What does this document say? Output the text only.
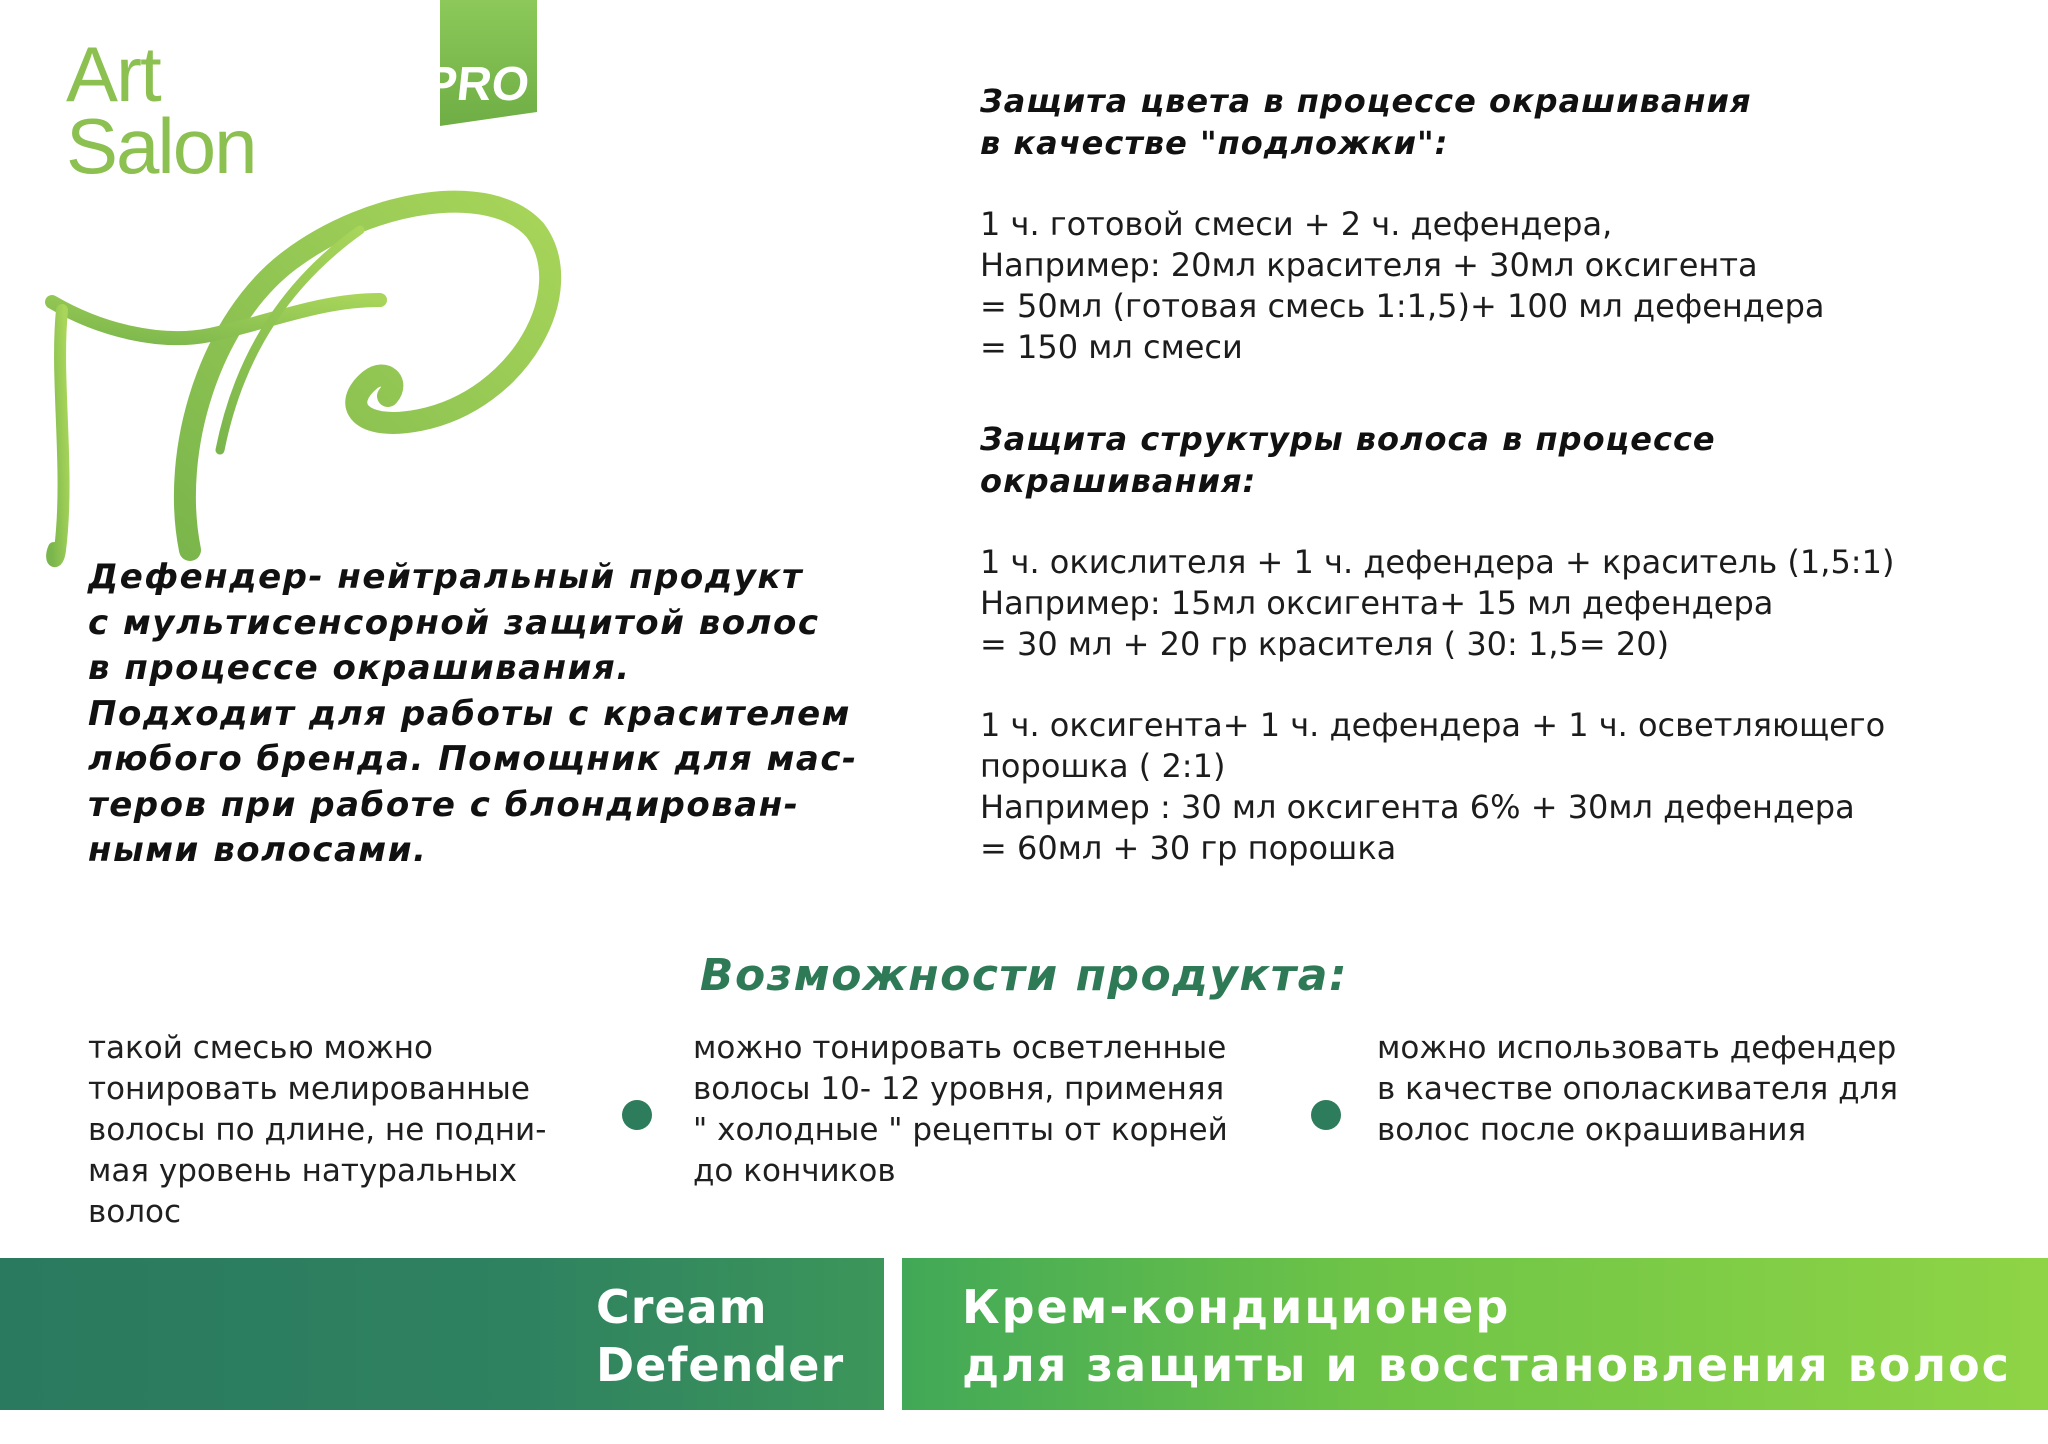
Art
Salon
PRO	Защита цвета в процессе окрашивания
в качестве "подложки":

1 ч. готовой смеси + 2 ч. дефендера,
Например: 20мл красителя + 30мл оксигента
= 50мл (готовая смесь 1:1,5)+ 100 мл дефендера
= 150 мл смеси

Защита структуры волоса в процессе
окрашивания:

1 ч. окислителя + 1 ч. дефендера + краситель (1,5:1)
Например: 15мл оксигента+ 15 мл дефендера
= 30 мл + 20 гр красителя ( 30: 1,5= 20)

1 ч. оксигента+ 1 ч. дефендера + 1 ч. осветляющего
порошка ( 2:1)
Например : 30 мл оксигента 6% + 30мл дефендера
= 60мл + 30 гр порошка

Дефендер- нейтральный продукт
с мультисенсорной защитой волос
в процессе окрашивания.
Подходит для работы с красителем
любого бренда. Помощник для мас-
теров при работе с блондирован-
ными волосами.

Возможности продукта:

такой смесью можно
тонировать мелированные
волосы по длине, не подни-
мая уровень натуральных
волос

можно тонировать осветленные
волосы 10- 12 уровня, применяя
" холодные " рецепты от корней
до кончиков

можно использовать дефендер
в качестве ополаскивателя для
волос после окрашивания

Cream
Defender

Крем-кондиционер
для защиты и восстановления волос
